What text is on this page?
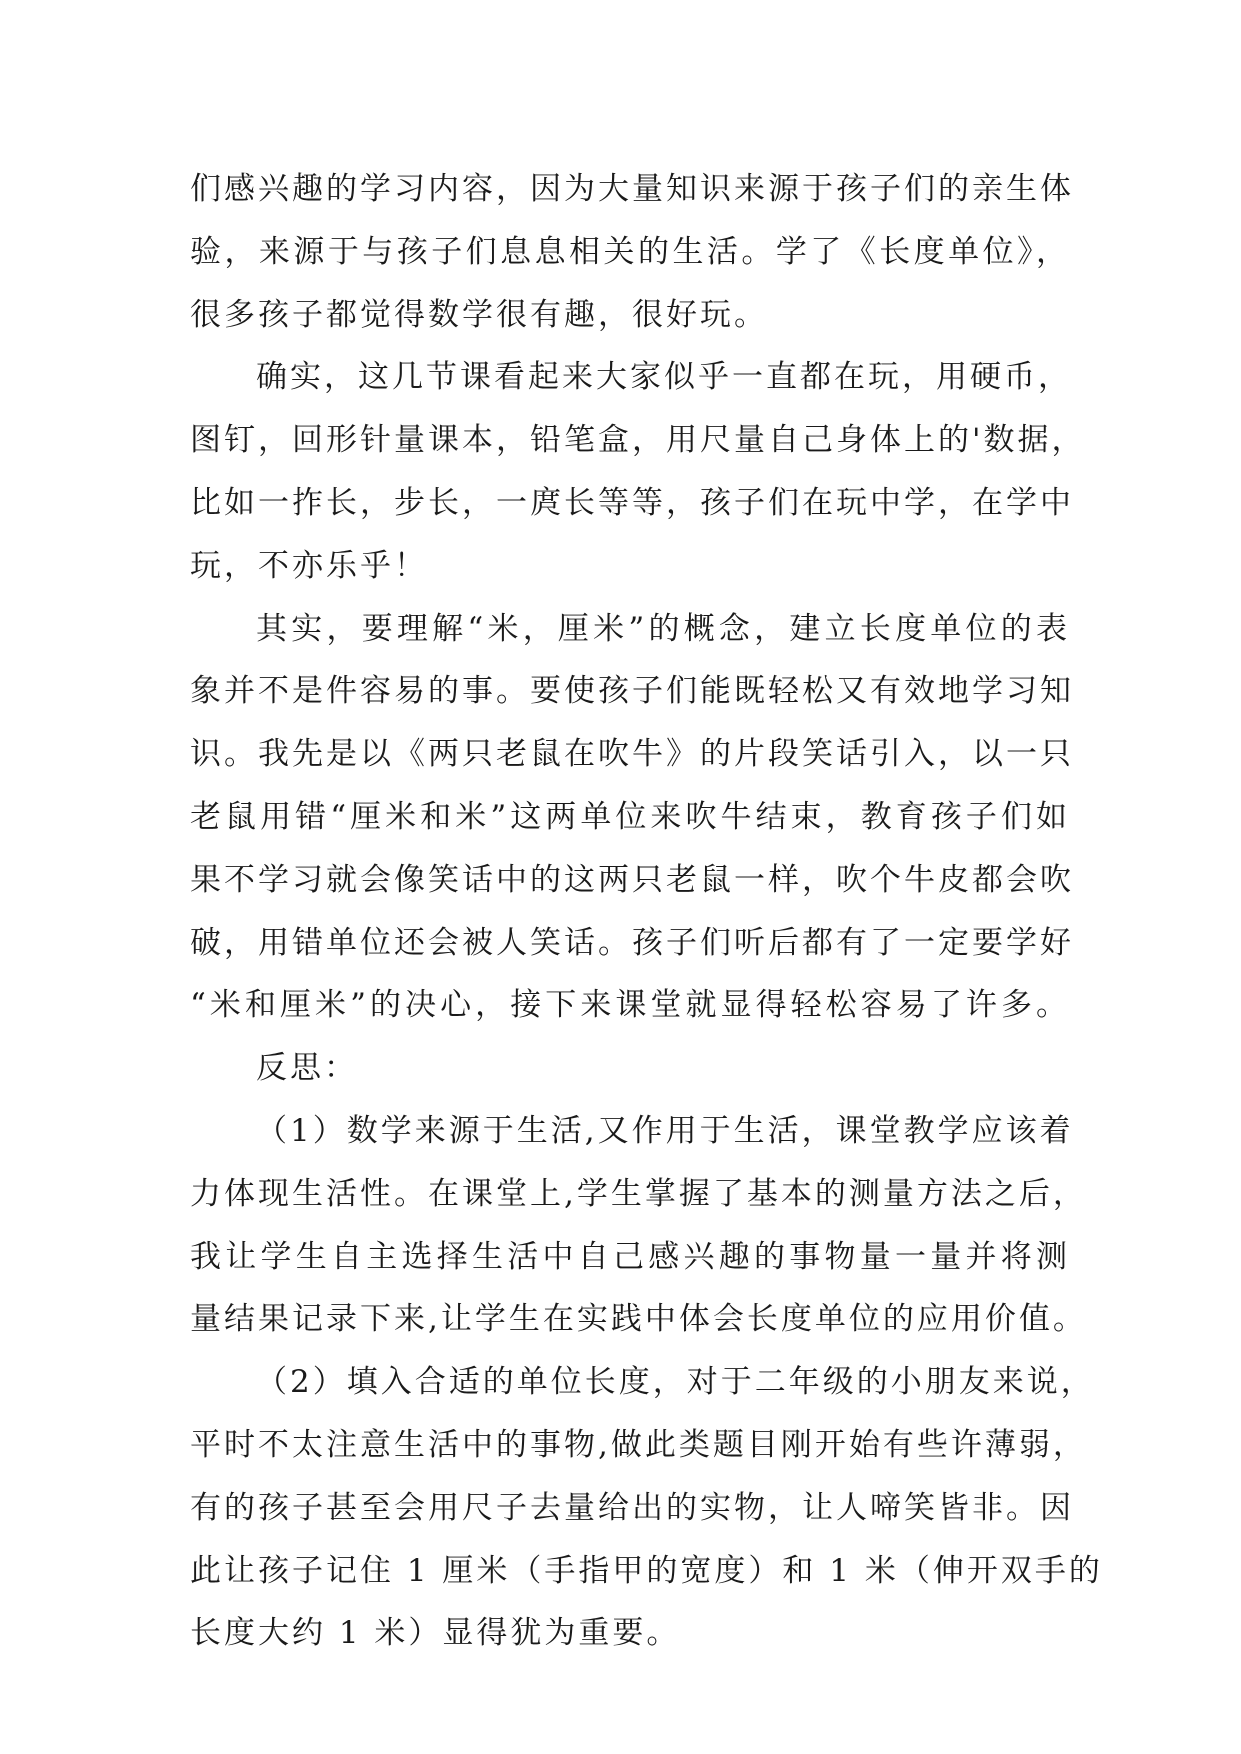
们感兴趣的学习内容，因为大量知识来源于孩子们的亲生体
验，来源于与孩子们息息相关的生活。学了《长度单位》，
很多孩子都觉得数学很有趣，很好玩。
确实，这几节课看起来大家似乎一直都在玩，用硬币，
图钉，回形针量课本，铅笔盒，用尺量自己身体上的'数据，
比如一拃长，步长，一庹长等等，孩子们在玩中学，在学中
玩，不亦乐乎！
其实，要理解“米，厘米”的概念，建立长度单位的表
象并不是件容易的事。要使孩子们能既轻松又有效地学习知
识。我先是以《两只老鼠在吹牛》的片段笑话引入，以一只
老鼠用错“厘米和米”这两单位来吹牛结束，教育孩子们如
果不学习就会像笑话中的这两只老鼠一样，吹个牛皮都会吹
破，用错单位还会被人笑话。孩子们听后都有了一定要学好
“米和厘米”的决心，接下来课堂就显得轻松容易了许多。
反思：
（1）数学来源于生活,又作用于生活，课堂教学应该着
力体现生活性。在课堂上,学生掌握了基本的测量方法之后，
我让学生自主选择生活中自己感兴趣的事物量一量并将测
量结果记录下来,让学生在实践中体会长度单位的应用价值。
（2）填入合适的单位长度，对于二年级的小朋友来说，
平时不太注意生活中的事物,做此类题目刚开始有些许薄弱，
有的孩子甚至会用尺子去量给出的实物，让人啼笑皆非。因
此让孩子记住 1 厘米（手指甲的宽度）和 1 米（伸开双手的
长度大约 1 米）显得犹为重要。
